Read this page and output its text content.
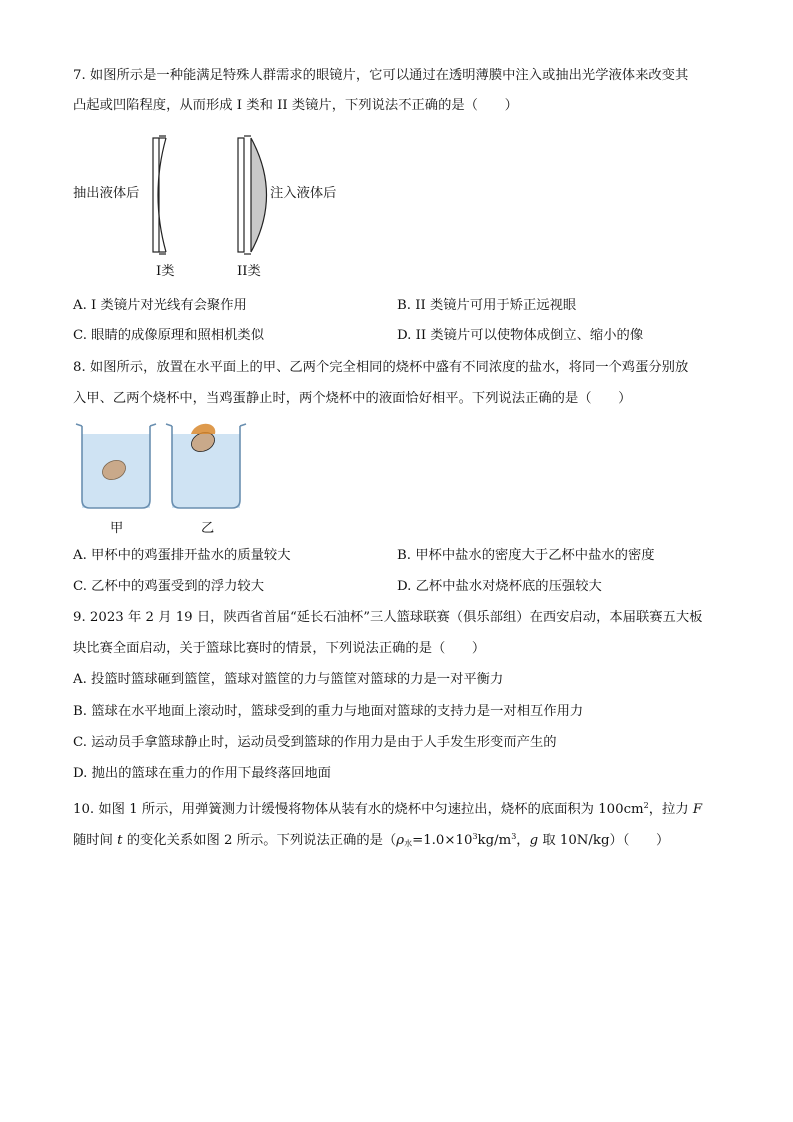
7. 如图所示是一种能满足特殊人群需求的眼镜片，它可以通过在透明薄膜中注入或抽出光学液体来改变其
凸起或凹陷程度，从而形成 I 类和 II 类镜片，下列说法不正确的是（　　）
抽出液体后	注入液体后
I类	II类
A. I 类镜片对光线有会聚作用	B. II 类镜片可用于矫正远视眼
C. 眼睛的成像原理和照相机类似	D. II 类镜片可以使物体成倒立、缩小的像
8. 如图所示，放置在水平面上的甲、乙两个完全相同的烧杯中盛有不同浓度的盐水，将同一个鸡蛋分别放
入甲、乙两个烧杯中，当鸡蛋静止时，两个烧杯中的液面恰好相平。下列说法正确的是（　　）
甲	乙
A. 甲杯中的鸡蛋排开盐水的质量较大	B. 甲杯中盐水的密度大于乙杯中盐水的密度
C. 乙杯中的鸡蛋受到的浮力较大	D. 乙杯中盐水对烧杯底的压强较大
9. 2023 年 2 月 19 日，陕西省首届“延长石油杯”三人篮球联赛（俱乐部组）在西安启动，本届联赛五大板
块比赛全面启动，关于篮球比赛时的情景，下列说法正确的是（　　）
A. 投篮时篮球砸到篮筐，篮球对篮筐的力与篮筐对篮球的力是一对平衡力
B. 篮球在水平地面上滚动时，篮球受到的重力与地面对篮球的支持力是一对相互作用力
C. 运动员手拿篮球静止时，运动员受到篮球的作用力是由于人手发生形变而产生的
D. 抛出的篮球在重力的作用下最终落回地面
10. 如图 1 所示，用弹簧测力计缓慢将物体从装有水的烧杯中匀速拉出，烧杯的底面积为 $100cm^2$，拉力 F
随时间 t 的变化关系如图 2 所示。下列说法正确的是（$\rho_水=1.0\times 10^3kg/m^3$，g 取 10N/kg）（　　）
